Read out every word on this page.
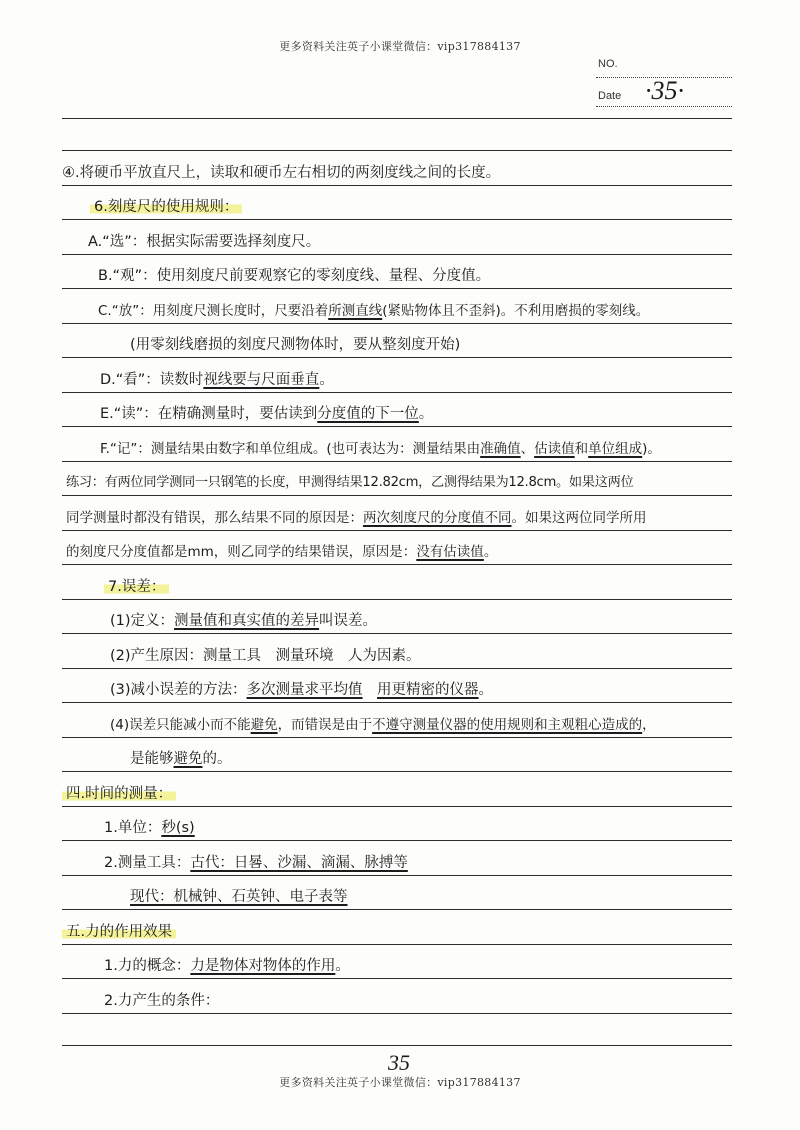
更多资料关注英子小课堂微信：vip317884137
NO.
Date ·35·
④.将硬币平放直尺上，读取和硬币左右相切的两刻度线之间的长度。
6.刻度尺的使用规则：
A.“选”：根据实际需要选择刻度尺。
B.“观”：使用刻度尺前要观察它的零刻度线、量程、分度值。
C.“放”：用刻度尺测长度时，尺要沿着所测直线(紧贴物体且不歪斜)。不利用磨损的零刻线。
(用零刻线磨损的刻度尺测物体时，要从整刻度开始)
D.“看”：读数时视线要与尺面垂直。
E.“读”：在精确测量时，要估读到分度值的下一位。
F.“记”：测量结果由数字和单位组成。(也可表达为：测量结果由准确值、估读值和单位组成)。
练习：有两位同学测同一只钢笔的长度，甲测得结果12.82cm，乙测得结果为12.8cm。如果这两位
同学测量时都没有错误，那么结果不同的原因是：两次刻度尺的分度值不同。如果这两位同学所用
的刻度尺分度值都是mm，则乙同学的结果错误，原因是：没有估读值。
7.误差：
(1)定义：测量值和真实值的差异叫误差。
(2)产生原因：测量工具　测量环境　人为因素。
(3)减小误差的方法：多次测量求平均值　 用更精密的仪器。
(4)误差只能减小而不能避免，而错误是由于不遵守测量仪器的使用规则和主观粗心造成的，
是能够避免的。
四.时间的测量：
1.单位：秒(s)
2.测量工具：古代：日晷、沙漏、滴漏、脉搏等
现代：机械钟、石英钟、电子表等
五.力的作用效果
1.力的概念：力是物体对物体的作用。
2.力产生的条件：
35
更多资料关注英子小课堂微信：vip317884137
